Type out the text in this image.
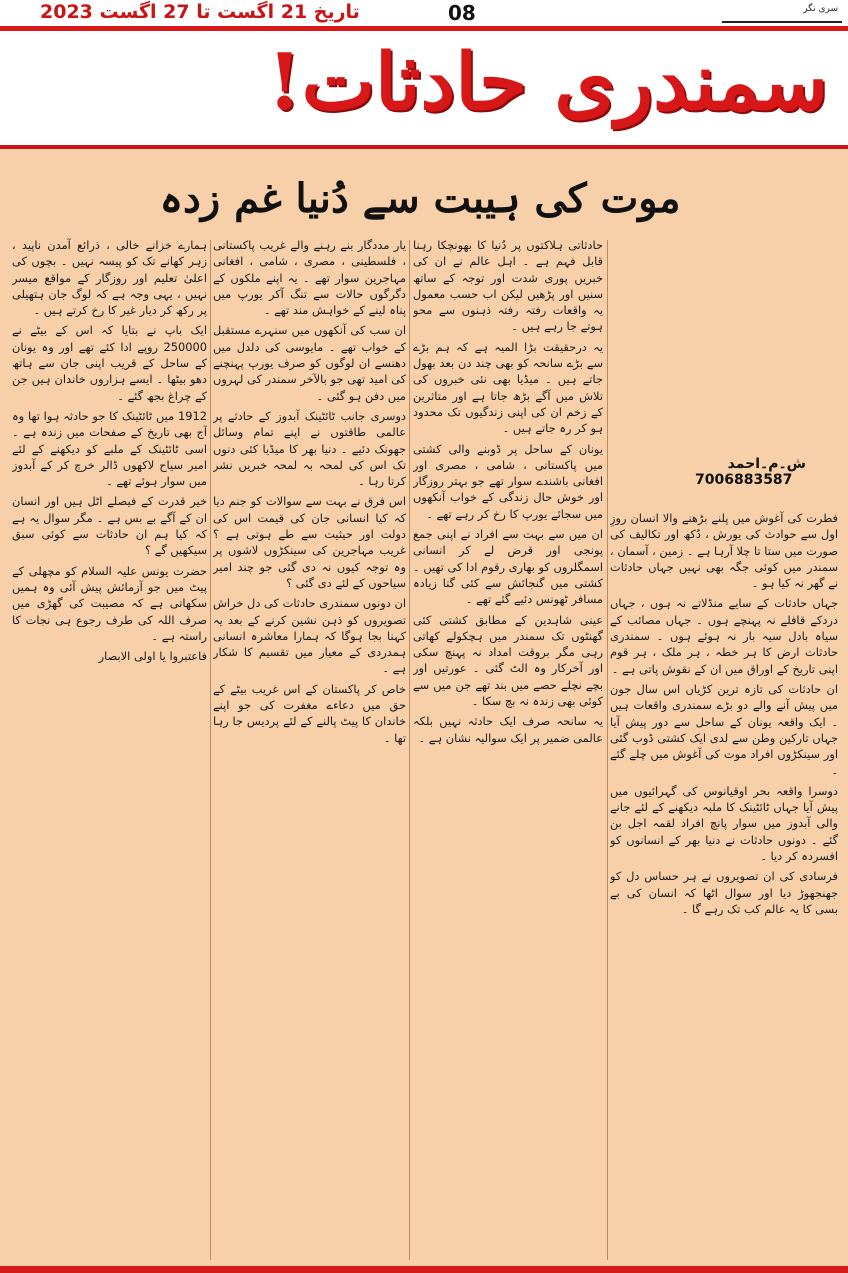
تاریخ 21 اگست تا 27 اگست 2023	08	سری نگر
سمندری حادثات!
موت کی ہیبت سے دُنیا غم زدہ
ش۔م۔احمد
7006883587

فطرت کی آغوش میں پلنے بڑھنے والا انسان روزِ اول سے حوادث کی یورش ، دُکھ اور تکالیف کی صورت میں ستا تا چلا آرہا ہے ۔ زمین ، آسمان ، سمندر میں کوئی جگہ بھی نہیں جہاں حادثات نے گھر نہ کیا ہو ۔

جہاں حادثات کے سایے منڈلاتے نہ ہوں ، جہاں دردکے قافلے نہ پہنچے ہوں ۔ جہاں مصائب کے سیاہ بادل سیہ بار نہ ہوئے ہوں ۔ سمندری حادثات ارض کا ہر خطہ ، ہر ملک ، ہر قوم اپنی تاریخ کے اوراق میں ان کے نقوش پاتی ہے ۔

ان حادثات کی تازہ ترین کڑیاں اس سال جون میں پیش آنے والے دو بڑے سمندری واقعات ہیں ۔ ایک واقعہ یونان کے ساحل سے دور پیش آیا جہاں تارکین وطن سے لدی ایک کشتی ڈوب گئی اور سینکڑوں افراد موت کی آغوش میں چلے گئے ۔

دوسرا واقعہ بحر اوقیانوس کی گہرائیوں میں پیش آیا جہاں ٹائٹینک کا ملبہ دیکھنے کے لئے جانے والی آبدوز میں سوار پانچ افراد لقمہ اجل بن گئے ۔ دونوں حادثات نے دنیا بھر کے انسانوں کو افسردہ کر دیا ۔

فرسادی کی ان تصویروں نے ہر حساس دل کو جھنجھوڑ دیا اور سوال اٹھا کہ انسان کی بے بسی کا یہ عالم کب تک رہے گا ۔

حادثاتی ہلاکتوں پر دُنیا کا بھونچکا رہنا قابل فہم ہے ۔ اہل عالم نے ان کی خبریں پوری شدت اور توجہ کے ساتھ سنیں اور پڑھیں لیکن اب حسب معمول یہ واقعات رفتہ رفتہ ذہنوں سے محو ہوتے جا رہے ہیں ۔

یہ درحقیقت بڑا المیہ ہے کہ ہم بڑے سے بڑے سانحہ کو بھی چند دن بعد بھول جاتے ہیں ۔ میڈیا بھی نئی خبروں کی تلاش میں آگے بڑھ جاتا ہے اور متاثرین کے زخم ان کی اپنی زندگیوں تک محدود ہو کر رہ جاتے ہیں ۔

یونان کے ساحل پر ڈوبنے والی کشتی میں پاکستانی ، شامی ، مصری اور افغانی باشندے سوار تھے جو بہتر روزگار اور خوش حال زندگی کے خواب آنکھوں میں سجائے یورپ کا رخ کر رہے تھے ۔

ان میں سے بہت سے افراد نے اپنی جمع پونجی اور قرض لے کر انسانی اسمگلروں کو بھاری رقوم ادا کی تھیں ۔ کشتی میں گنجائش سے کئی گنا زیادہ مسافر ٹھونس دئیے گئے تھے ۔

عینی شاہدین کے مطابق کشتی کئی گھنٹوں تک سمندر میں ہچکولے کھاتی رہی مگر بروقت امداد نہ پہنچ سکی اور آخرکار وہ الٹ گئی ۔ عورتیں اور بچے نچلے حصے میں بند تھے جن میں سے کوئی بھی زندہ نہ بچ سکا ۔

یہ سانحہ صرف ایک حادثہ نہیں بلکہ عالمی ضمیر پر ایک سوالیہ نشان ہے ۔

یار مددگار بنے رہنے والے غریب پاکستانی ، فلسطینی ، مصری ، شامی ، افغانی مہاجرین سوار تھے ۔ یہ اپنے ملکوں کے دگرگوں حالات سے تنگ آکر یورپ میں پناہ لینے کے خواہش مند تھے ۔

ان سب کی آنکھوں میں سنہرے مستقبل کے خواب تھے ۔ مایوسی کی دلدل میں دھنسے ان لوگوں کو صرف یورپ پہنچنے کی امید تھی جو بالآخر سمندر کی لہروں میں دفن ہو گئی ۔

دوسری جانب ٹائٹینک آبدوز کے حادثے پر عالمی طاقتوں نے اپنے تمام وسائل جھونک دئیے ۔ دنیا بھر کا میڈیا کئی دنوں تک اس کی لمحہ بہ لمحہ خبریں نشر کرتا رہا ۔

اس فرق نے بہت سے سوالات کو جنم دیا کہ کیا انسانی جان کی قیمت اس کی دولت اور حیثیت سے طے ہوتی ہے ؟ غریب مہاجرین کی سینکڑوں لاشوں پر وہ توجہ کیوں نہ دی گئی جو چند امیر سیاحوں کے لئے دی گئی ؟

ان دونوں سمندری حادثات کی دل خراش تصویروں کو ذہن نشین کرنے کے بعد یہ کہنا بجا ہوگا کہ ہمارا معاشرہ انسانی ہمدردی کے معیار میں تقسیم کا شکار ہے ۔

خاص کر پاکستان کے اس غریب بیٹے کے حق میں دعاءے مغفرت کی جو اپنے خاندان کا پیٹ پالنے کے لئے پردیس جا رہا تھا ۔

ہمارے خزانے خالی ، ذرائع آمدن ناپید ، زہر کھانے تک کو پیسہ نہیں ۔ بچوں کی اعلیٰ تعلیم اور روزگار کے مواقع میسر نہیں ، یہی وجہ ہے کہ لوگ جان ہتھیلی پر رکھ کر دیار غیر کا رخ کرتے ہیں ۔

ایک باپ نے بتایا کہ اس کے بیٹے نے 250000 روپے ادا کئے تھے اور وہ یونان کے ساحل کے قریب اپنی جان سے ہاتھ دھو بیٹھا ۔ ایسے ہزاروں خاندان ہیں جن کے چراغ بجھ گئے ۔

1912 میں ٹائٹینک کا جو حادثہ ہوا تھا وہ آج بھی تاریخ کے صفحات میں زندہ ہے ۔ اسی ٹائٹینک کے ملبے کو دیکھنے کے لئے امیر سیاح لاکھوں ڈالر خرچ کر کے آبدوز میں سوار ہوئے تھے ۔

خیر قدرت کے فیصلے اٹل ہیں اور انسان ان کے آگے بے بس ہے ۔ مگر سوال یہ ہے کہ کیا ہم ان حادثات سے کوئی سبق سیکھیں گے ؟

حضرت یونس علیہ السلام کو مچھلی کے پیٹ میں جو آزمائش پیش آئی وہ ہمیں سکھاتی ہے کہ مصیبت کی گھڑی میں صرف اللہ کی طرف رجوع ہی نجات کا راستہ ہے ۔

فاعتبروا یا اولی الابصار
